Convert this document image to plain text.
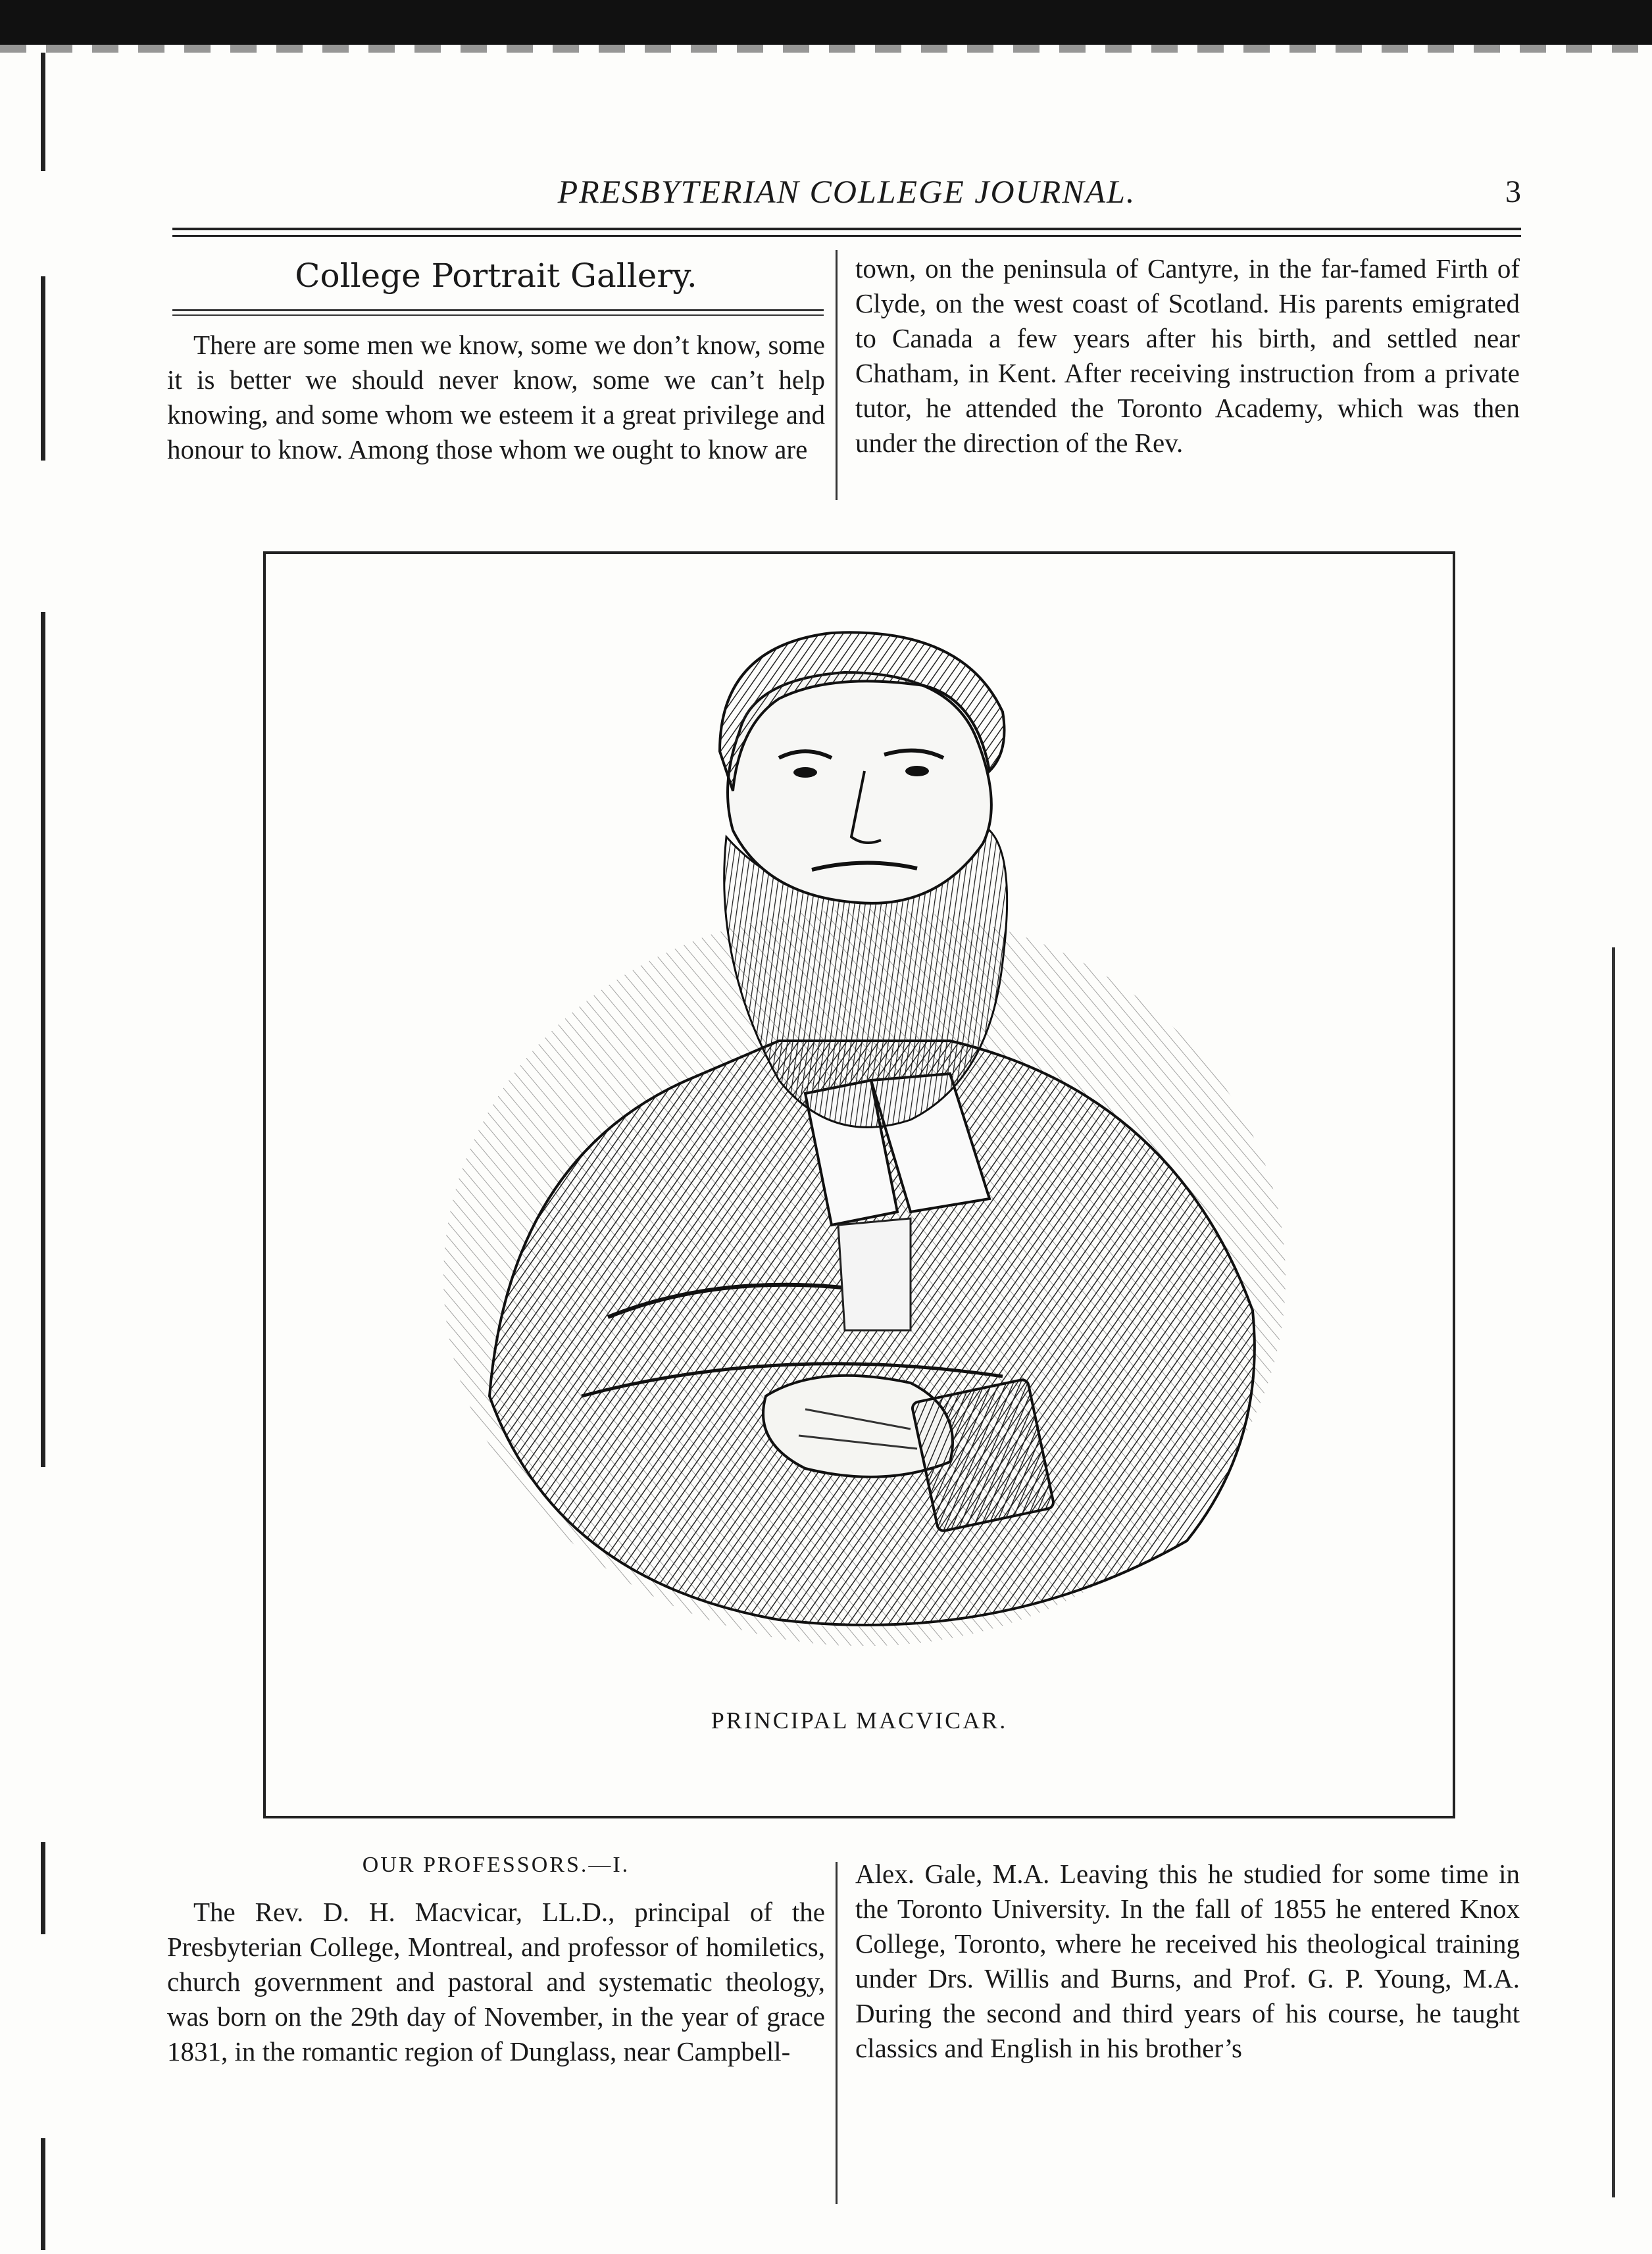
PRESBYTERIAN COLLEGE JOURNAL.	3
College Portrait Gallery.

There are some men we know, some we don’t know, some it is better we should never know, some we can’t help knowing, and some whom we esteem it a great privilege and honour to know. Among those whom we ought to know are

town, on the peninsula of Cantyre, in the far-famed Firth of Clyde, on the west coast of Scotland. His parents emigrated to Canada a few years after his birth, and settled near Chatham, in Kent. After receiving instruction from a private tutor, he attended the Toronto Academy, which was then under the direction of the Rev.

PRINCIPAL MACVICAR.
OUR PROFESSORS.—I.

The Rev. D. H. Macvicar, LL.D., principal of the Presbyterian College, Montreal, and professor of homiletics, church government and pastoral and systematic theology, was born on the 29th day of November, in the year of grace 1831, in the romantic region of Dunglass, near Campbell-

Alex. Gale, M.A. Leaving this he studied for some time in the Toronto University. In the fall of 1855 he entered Knox College, Toronto, where he received his theological training under Drs. Willis and Burns, and Prof. G. P. Young, M.A. During the second and third years of his course, he taught classics and English in his brother’s
